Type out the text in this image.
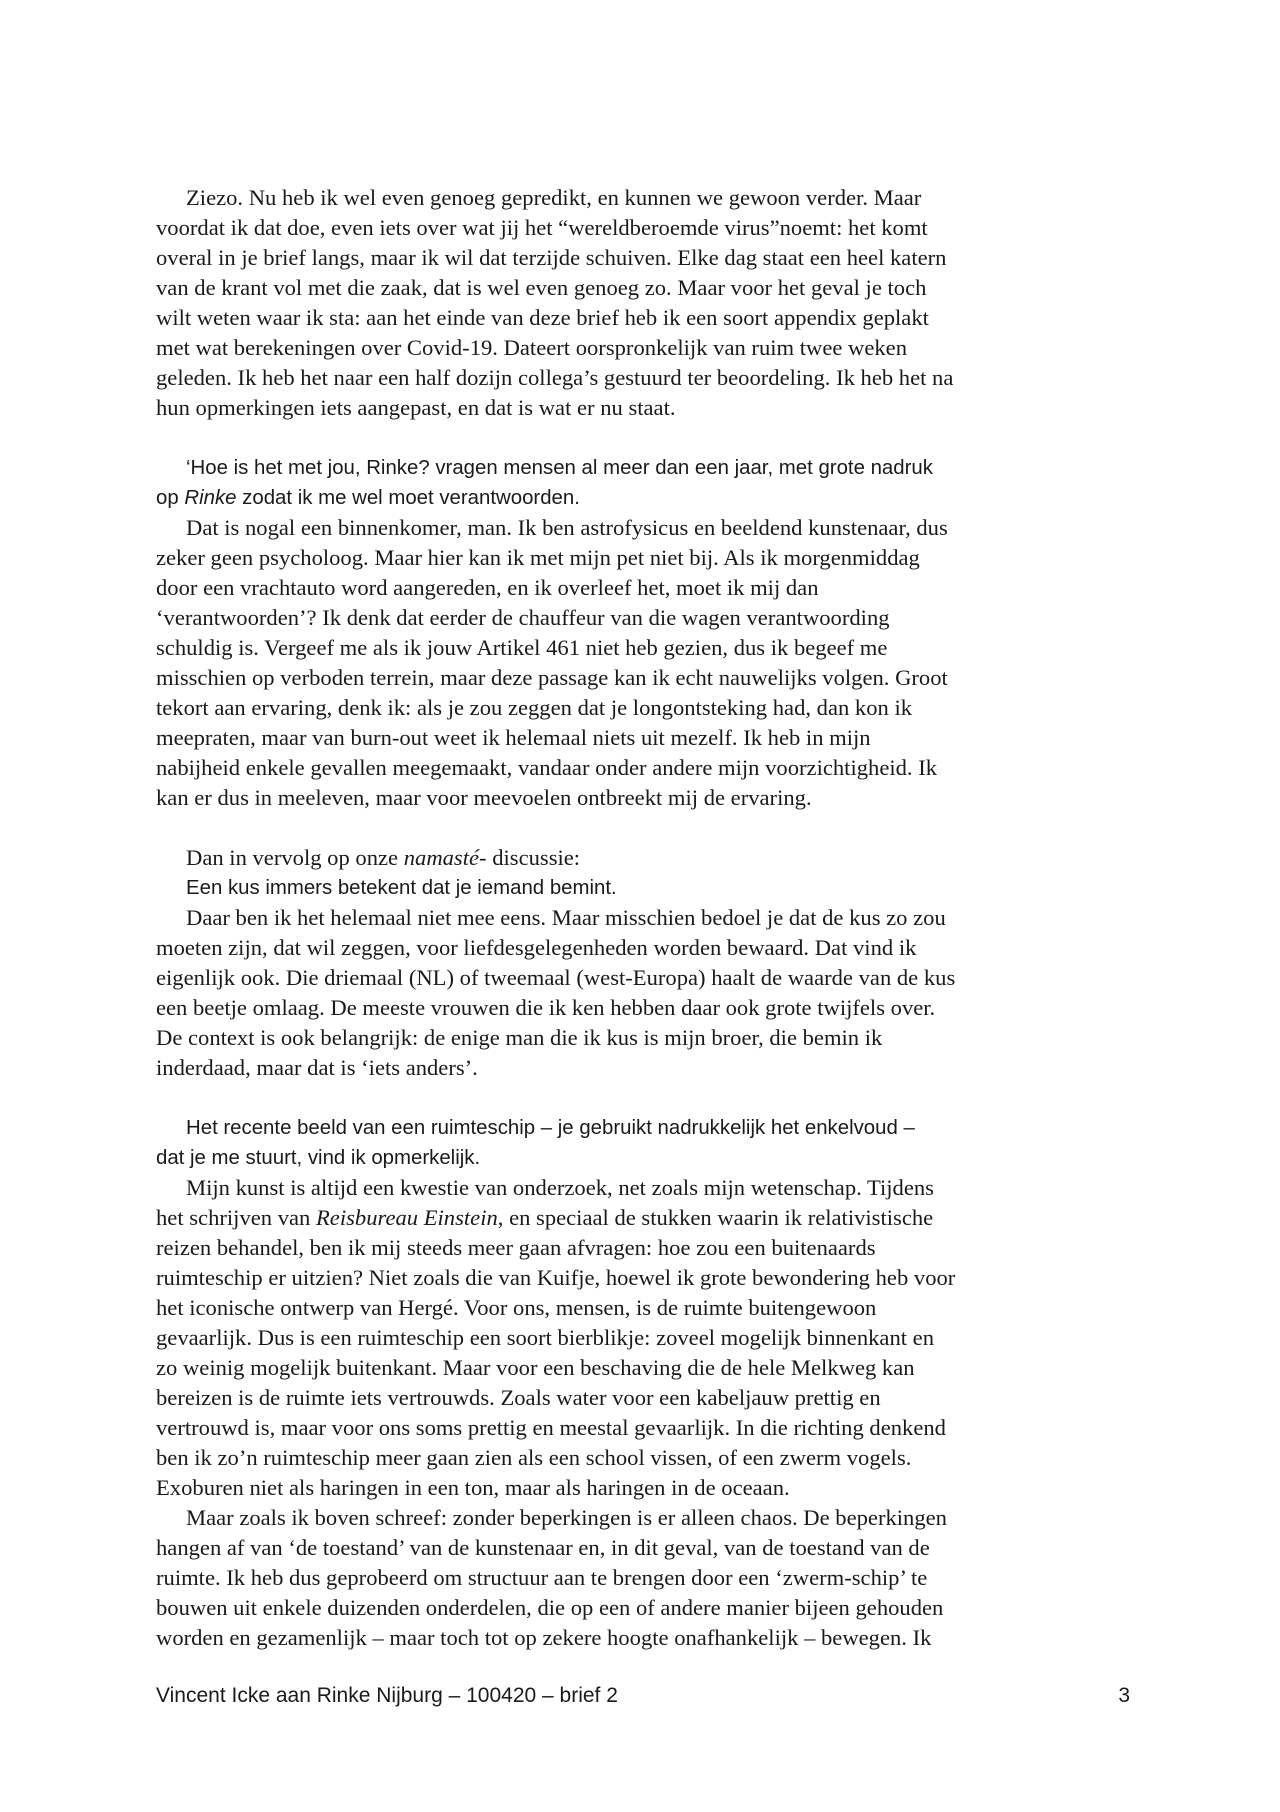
Ziezo. Nu heb ik wel even genoeg gepredikt, en kunnen we gewoon verder. Maar
voordat ik dat doe, even iets over wat jij het “wereldberoemde virus”noemt: het komt
overal in je brief langs, maar ik wil dat terzijde schuiven. Elke dag staat een heel katern
van de krant vol met die zaak, dat is wel even genoeg zo. Maar voor het geval je toch
wilt weten waar ik sta: aan het einde van deze brief heb ik een soort appendix geplakt
met wat berekeningen over Covid-19. Dateert oorspronkelijk van ruim twee weken
geleden. Ik heb het naar een half dozijn collega’s gestuurd ter beoordeling. Ik heb het na
hun opmerkingen iets aangepast, en dat is wat er nu staat.
‘Hoe is het met jou, Rinke? vragen mensen al meer dan een jaar, met grote nadruk
op Rinke zodat ik me wel moet verantwoorden.
Dat is nogal een binnenkomer, man. Ik ben astrofysicus en beeldend kunstenaar, dus
zeker geen psycholoog. Maar hier kan ik met mijn pet niet bij. Als ik morgenmiddag
door een vrachtauto word aangereden, en ik overleef het, moet ik mij dan
‘verantwoorden’? Ik denk dat eerder de chauffeur van die wagen verantwoording
schuldig is. Vergeef me als ik jouw Artikel 461 niet heb gezien, dus ik begeef me
misschien op verboden terrein, maar deze passage kan ik echt nauwelijks volgen. Groot
tekort aan ervaring, denk ik: als je zou zeggen dat je longontsteking had, dan kon ik
meepraten, maar van burn-out weet ik helemaal niets uit mezelf. Ik heb in mijn
nabijheid enkele gevallen meegemaakt, vandaar onder andere mijn voorzichtigheid. Ik
kan er dus in meeleven, maar voor meevoelen ontbreekt mij de ervaring.
Dan in vervolg op onze namasté- discussie:
Een kus immers betekent dat je iemand bemint.
Daar ben ik het helemaal niet mee eens. Maar misschien bedoel je dat de kus zo zou
moeten zijn, dat wil zeggen, voor liefdesgelegenheden worden bewaard. Dat vind ik
eigenlijk ook. Die driemaal (NL) of tweemaal (west-Europa) haalt de waarde van de kus
een beetje omlaag. De meeste vrouwen die ik ken hebben daar ook grote twijfels over.
De context is ook belangrijk: de enige man die ik kus is mijn broer, die bemin ik
inderdaad, maar dat is ‘iets anders’.
Het recente beeld van een ruimteschip – je gebruikt nadrukkelijk het enkelvoud –
dat je me stuurt, vind ik opmerkelijk.
Mijn kunst is altijd een kwestie van onderzoek, net zoals mijn wetenschap. Tijdens
het schrijven van Reisbureau Einstein, en speciaal de stukken waarin ik relativistische
reizen behandel, ben ik mij steeds meer gaan afvragen: hoe zou een buitenaards
ruimteschip er uitzien? Niet zoals die van Kuifje, hoewel ik grote bewondering heb voor
het iconische ontwerp van Hergé. Voor ons, mensen, is de ruimte buitengewoon
gevaarlijk. Dus is een ruimteschip een soort bierblikje: zoveel mogelijk binnenkant en
zo weinig mogelijk buitenkant. Maar voor een beschaving die de hele Melkweg kan
bereizen is de ruimte iets vertrouwds. Zoals water voor een kabeljauw prettig en
vertrouwd is, maar voor ons soms prettig en meestal gevaarlijk. In die richting denkend
ben ik zo’n ruimteschip meer gaan zien als een school vissen, of een zwerm vogels.
Exoburen niet als haringen in een ton, maar als haringen in de oceaan.
Maar zoals ik boven schreef: zonder beperkingen is er alleen chaos. De beperkingen
hangen af van ‘de toestand’ van de kunstenaar en, in dit geval, van de toestand van de
ruimte. Ik heb dus geprobeerd om structuur aan te brengen door een ‘zwerm-schip’ te
bouwen uit enkele duizenden onderdelen, die op een of andere manier bijeen gehouden
worden en gezamenlijk – maar toch tot op zekere hoogte onafhankelijk – bewegen. Ik
Vincent Icke aan Rinke Nijburg – 100420 – brief 2	3
